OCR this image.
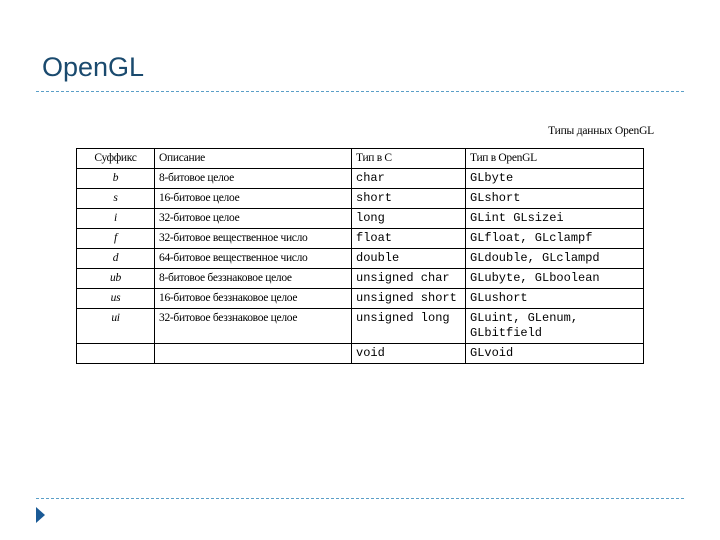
OpenGL
Типы данных OpenGL
Суффикс	Описание	Тип в С	Тип в OpenGL
b	8-битовое целое	char	GLbyte
s	16-битовое целое	short	GLshort
i	32-битовое целое	long	GLint GLsizei
f	32-битовое вещественное число	float	GLfloat, GLclampf
d	64-битовое вещественное число	double	GLdouble, GLclampd
ub	8-битовое беззнаковое целое	unsigned char	GLubyte, GLboolean
us	16-битовое беззнаковое целое	unsigned short	GLushort
ui	32-битовое беззнаковое целое	unsigned long	GLuint, GLenum, GLbitfield
		void	GLvoid
